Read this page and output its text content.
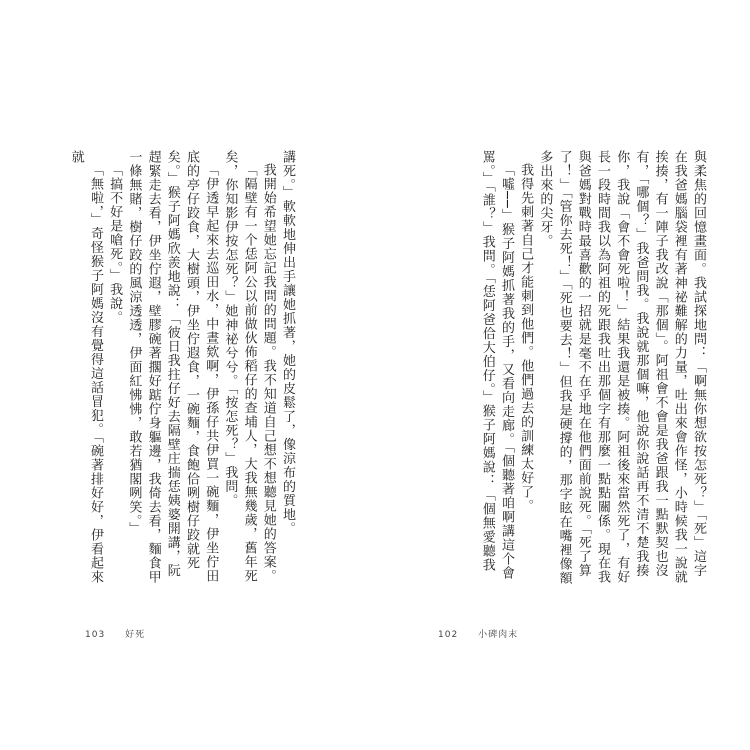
與柔焦的回憶畫面。我試探地問：「啊無你想欲按怎死？」「死」這字在我爸媽腦袋裡有著神祕難解的力量，吐出來會作怪，小時候我一說就挨揍，有一陣子我改說「那個」。阿祖會不會是我爸跟我一點默契也沒有，「哪個？」我爸問我。我說就那個嘛，他說你說話再不清不楚我揍你，我說「會不會死啦！」結果我還是被揍。阿祖後來當然死了，有好長一段時間我以為阿祖的死跟我吐出那個字有那麼一點點關係。現在我與爸媽對戰時最喜歡的一招就是毫不在乎地在他們面前說死。「死了算了！」「管你去死！」「死也要去！」但我是硬撐的，那字眩在嘴裡像額多出來的尖牙。

我得先刺著自己才能刺到他們。他們過去的訓練太好了。

「噓──」猴子阿媽抓著我的手，又看向走廊。「個聽著咱啊講這个會罵。」「誰？」我問。「恁阿爸佮大伯仔。」猴子阿媽說：「個無愛聽我

講死。」軟軟地伸出手讓她抓著，她的皮鬆了，像涼布的質地。

我開始希望她忘記我問的問題。我不知道自己想不想聽見她的答案。

「隔壁有一个恁阿公以前做伙佈稻仔的查埔人，大我無幾歲，舊年死矣，你知影伊按怎死？」她神祕兮兮。「按怎死？」我問。

「伊透早起來去巡田水，中晝欸啊，伊孫仔共伊買一碗麵，伊坐佇田底的亭仔跤食，大樹頭，伊坐佇遐食，一碗麵，食飽佮咧樹仔跤就死矣。」猴子阿媽欣羨地說：「彼日我拄仔好去隔壁庄揣恁姨婆開講，阮趕緊走去看，伊坐佇遐，壁膠碗著擱好踮佇身軀邊，我倚去看，麵食甲一條無賭，樹仔跤的風涼透透，伊面紅怫怫，敢若猶閣咧笑。」

「搞不好是嗆死。」我說。

「無啦，」奇怪猴子阿媽沒有覺得這話冒犯。「碗著排好好，伊看起來就

103 好死	102 小碑肉末
